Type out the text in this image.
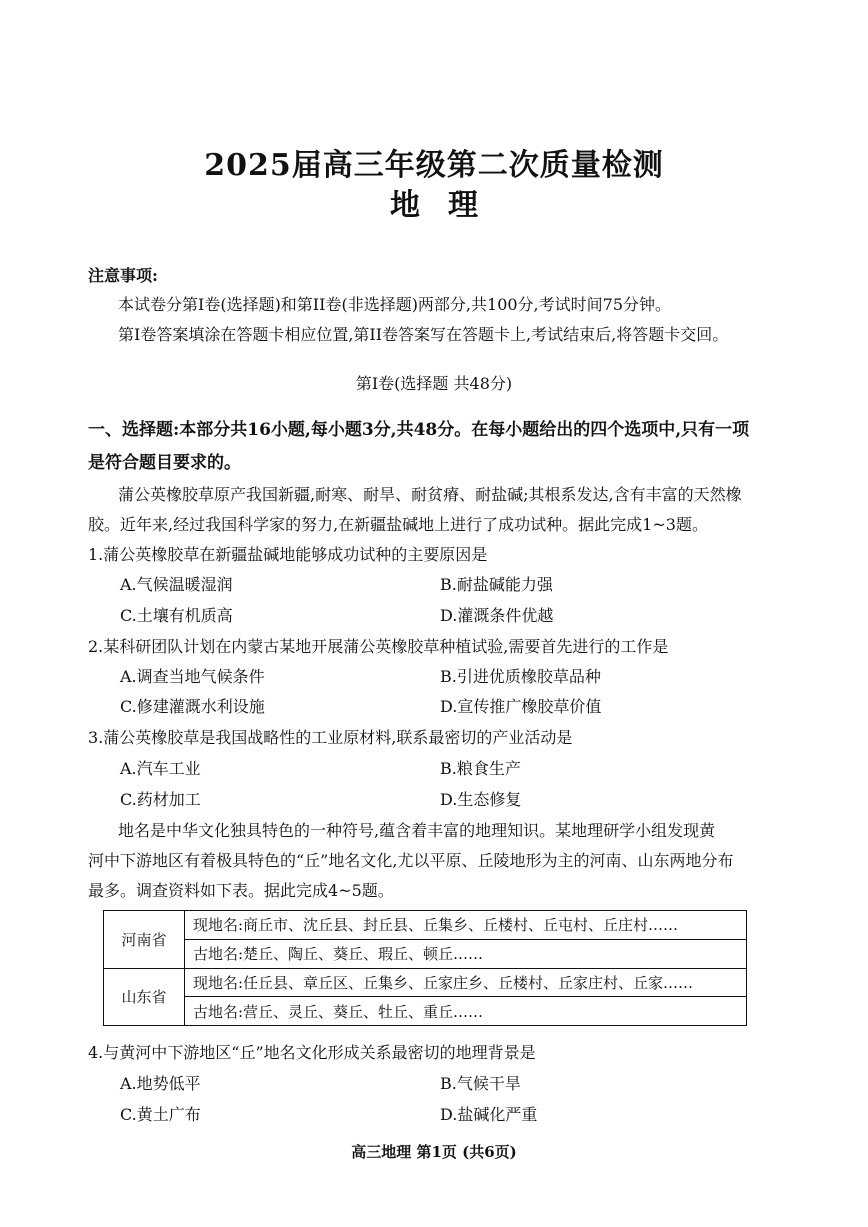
2025届高三年级第二次质量检测
地理
注意事项:
本试卷分第I卷(选择题)和第II卷(非选择题)两部分,共100分,考试时间75分钟。
第I卷答案填涂在答题卡相应位置,第II卷答案写在答题卡上,考试结束后,将答题卡交回。
第I卷(选择题 共48分)
一、选择题:本部分共16小题,每小题3分,共48分。在每小题给出的四个选项中,只有一项
是符合题目要求的。
蒲公英橡胶草原产我国新疆,耐寒、耐旱、耐贫瘠、耐盐碱;其根系发达,含有丰富的天然橡
胶。近年来,经过我国科学家的努力,在新疆盐碱地上进行了成功试种。据此完成1~3题。
1.蒲公英橡胶草在新疆盐碱地能够成功试种的主要原因是
A.气候温暖湿润	B.耐盐碱能力强
C.土壤有机质高	D.灌溉条件优越
2.某科研团队计划在内蒙古某地开展蒲公英橡胶草种植试验,需要首先进行的工作是
A.调查当地气候条件	B.引进优质橡胶草品种
C.修建灌溉水利设施	D.宣传推广橡胶草价值
3.蒲公英橡胶草是我国战略性的工业原材料,联系最密切的产业活动是
A.汽车工业	B.粮食生产
C.药材加工	D.生态修复
地名是中华文化独具特色的一种符号,蕴含着丰富的地理知识。某地理研学小组发现黄
河中下游地区有着极具特色的“丘”地名文化,尤以平原、丘陵地形为主的河南、山东两地分布
最多。调查资料如下表。据此完成4~5题。
河南省	现地名:商丘市、沈丘县、封丘县、丘集乡、丘楼村、丘屯村、丘庄村……
	古地名:楚丘、陶丘、葵丘、瑕丘、顿丘……
山东省	现地名:任丘县、章丘区、丘集乡、丘家庄乡、丘楼村、丘家庄村、丘家……
	古地名:营丘、灵丘、葵丘、牡丘、重丘……
4.与黄河中下游地区“丘”地名文化形成关系最密切的地理背景是
A.地势低平	B.气候干旱
C.黄土广布	D.盐碱化严重
高三地理 第1页 (共6页)
